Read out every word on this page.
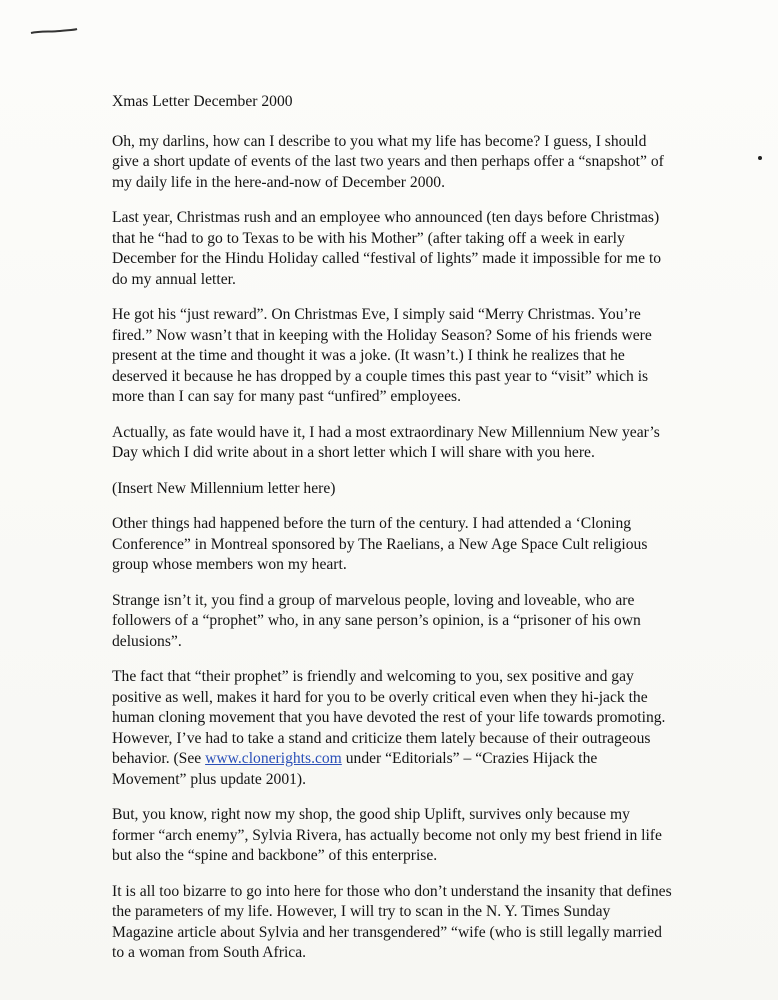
Xmas Letter December 2000

Oh, my darlins, how can I describe to you what my life has become? I guess, I should give a short update of events of the last two years and then perhaps offer a “snapshot” of my daily life in the here-and-now of December 2000.

Last year, Christmas rush and an employee who announced (ten days before Christmas) that he “had to go to Texas to be with his Mother” (after taking off a week in early December for the Hindu Holiday called “festival of lights” made it impossible for me to do my annual letter.

He got his “just reward”. On Christmas Eve, I simply said “Merry Christmas. You’re fired.” Now wasn’t that in keeping with the Holiday Season? Some of his friends were present at the time and thought it was a joke. (It wasn’t.) I think he realizes that he deserved it because he has dropped by a couple times this past year to “visit” which is more than I can say for many past “unfired” employees.

Actually, as fate would have it, I had a most extraordinary New Millennium New year’s Day which I did write about in a short letter which I will share with you here.

(Insert New Millennium letter here)

Other things had happened before the turn of the century. I had attended a ‘Cloning Conference” in Montreal sponsored by The Raelians, a New Age Space Cult religious group whose members won my heart.

Strange isn’t it, you find a group of marvelous people, loving and loveable, who are followers of a “prophet” who, in any sane person’s opinion, is a “prisoner of his own delusions”.

The fact that “their prophet” is friendly and welcoming to you, sex positive and gay positive as well, makes it hard for you to be overly critical even when they hi-jack the human cloning movement that you have devoted the rest of your life towards promoting. However, I’ve had to take a stand and criticize them lately because of their outrageous behavior. (See www.clonerights.com under “Editorials” – “Crazies Hijack the Movement” plus update 2001).

But, you know, right now my shop, the good ship Uplift, survives only because my former “arch enemy”, Sylvia Rivera, has actually become not only my best friend in life but also the “spine and backbone” of this enterprise.

It is all too bizarre to go into here for those who don’t understand the insanity that defines the parameters of my life. However, I will try to scan in the N. Y. Times Sunday Magazine article about Sylvia and her transgendered” “wife (who is still legally married to a woman from South Africa.
